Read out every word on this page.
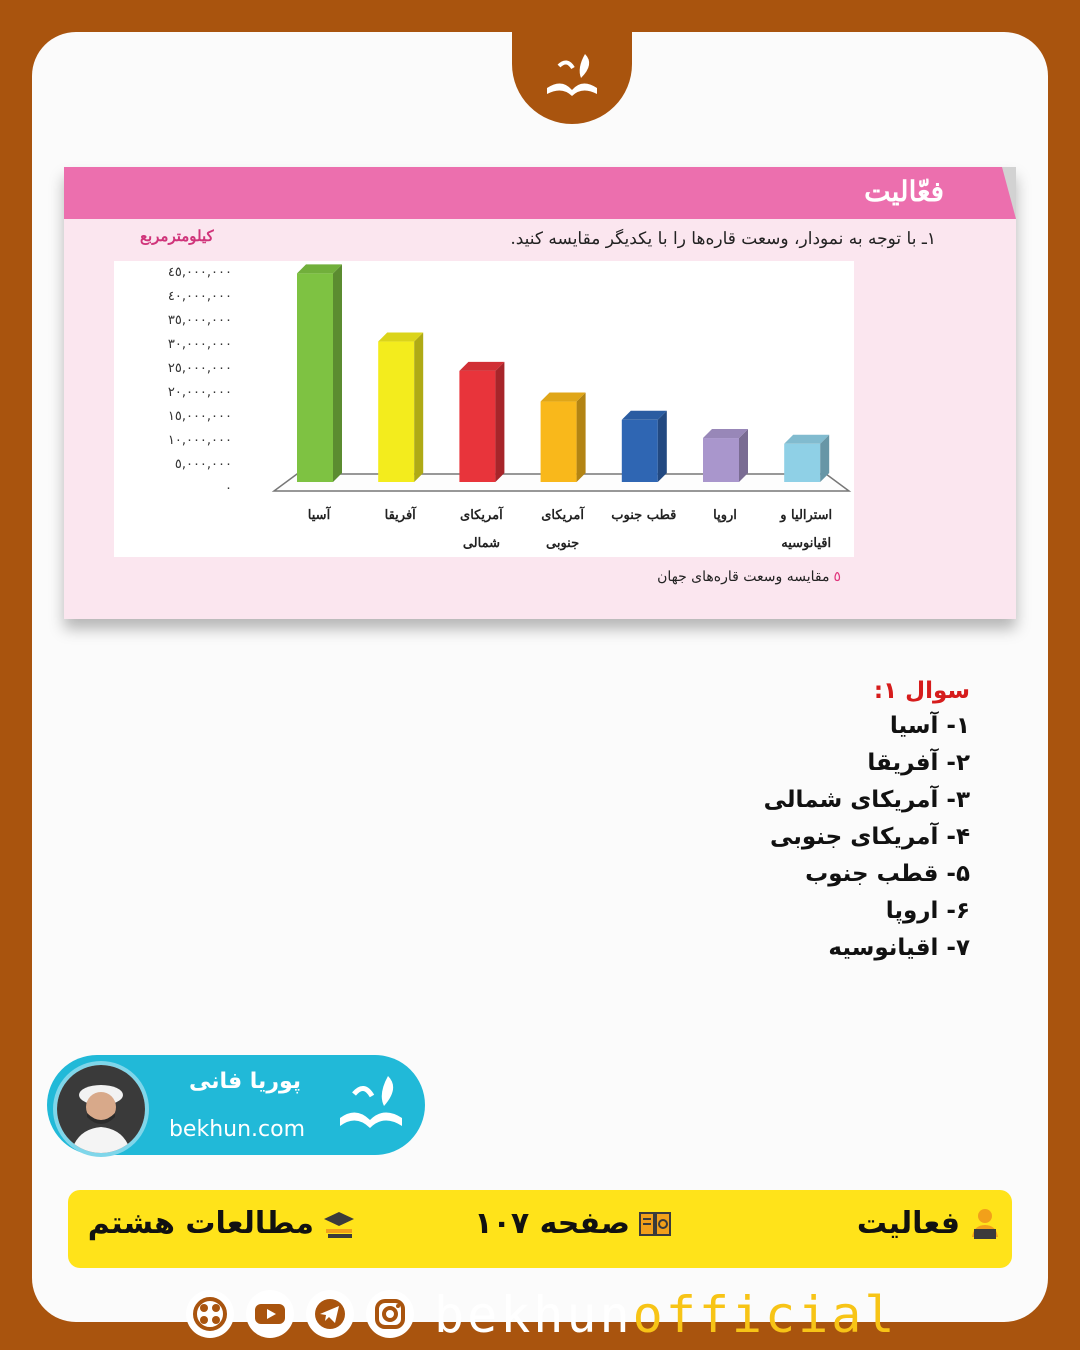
فعّالیت
١ـ با توجه به نمودار، وسعت قاره‌ها را با یکدیگر مقایسه کنید.
کیلومترمربع
٠
٥,٠٠٠,٠٠٠
١٠,٠٠٠,٠٠٠
١٥,٠٠٠,٠٠٠
٢٠,٠٠٠,٠٠٠
٢٥,٠٠٠,٠٠٠
٣٠,٠٠٠,٠٠٠
٣٥,٠٠٠,٠٠٠
٤٠,٠٠٠,٠٠٠
٤٥,٠٠٠,٠٠٠
آسیا	آفریقا	آمریکای
شمالی
آمریکای
جنوبی
قطب جنوب	اروپا	استرالیا و
اقیانوسیه
٥مقایسه وسعت قاره‌های جهان
سوال ١:
١- آسیا
٢- آفریقا
٣- آمریکای شمالی
۴- آمریکای جنوبی
۵- قطب جنوب
۶- اروپا
٧- اقیانوسیه
پوریا فانی
bekhun.com
فعالیت
صفحه ١٠٧
مطالعات هشتم
bekhunofficial
